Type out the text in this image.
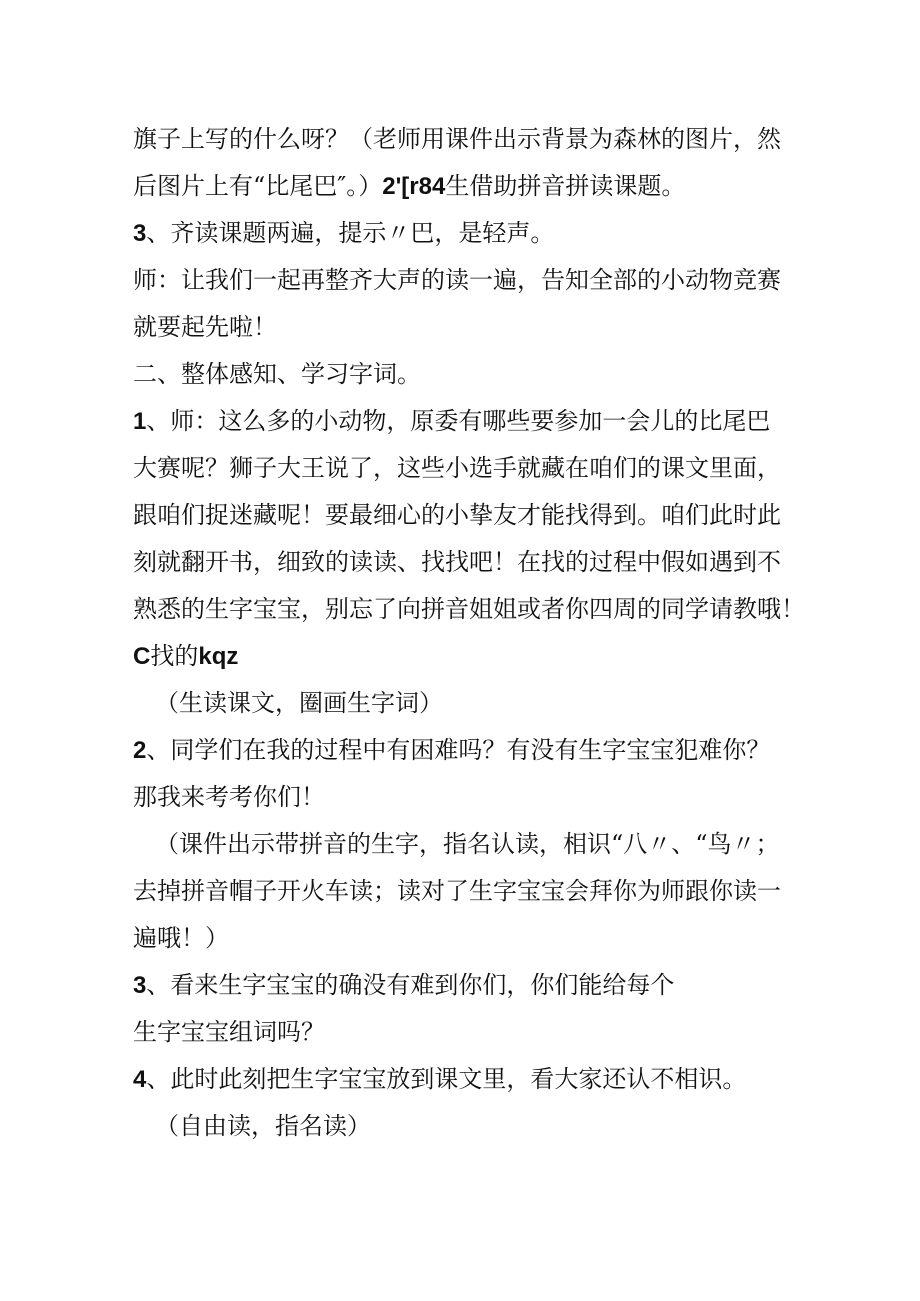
旗子上写的什么呀？（老师用课件出示背景为森林的图片，然
后图片上有“比尾巴″。）2'[r84生借助拼音拼读课题。
3、齐读课题两遍，提示〃巴，是轻声。
师：让我们一起再整齐大声的读一遍，告知全部的小动物竞赛
就要起先啦！
二、整体感知、学习字词。
1、师：这么多的小动物，原委有哪些要参加一会儿的比尾巴
大赛呢？狮子大王说了，这些小选手就藏在咱们的课文里面，
跟咱们捉迷藏呢！要最细心的小挚友才能找得到。咱们此时此
刻就翻开书，细致的读读、找找吧！在找的过程中假如遇到不
熟悉的生字宝宝，别忘了向拼音姐姐或者你四周的同学请教哦！
C找的kqz
（生读课文，圈画生字词）
2、同学们在我的过程中有困难吗？有没有生字宝宝犯难你？
那我来考考你们！
（课件出示带拼音的生字，指名认读，相识“八〃、“鸟〃；
去掉拼音帽子开火车读；读对了生字宝宝会拜你为师跟你读一
遍哦！）
3、看来生字宝宝的确没有难到你们，你们能给每个
生字宝宝组词吗？
4、此时此刻把生字宝宝放到课文里，看大家还认不相识。
（自由读，指名读）
